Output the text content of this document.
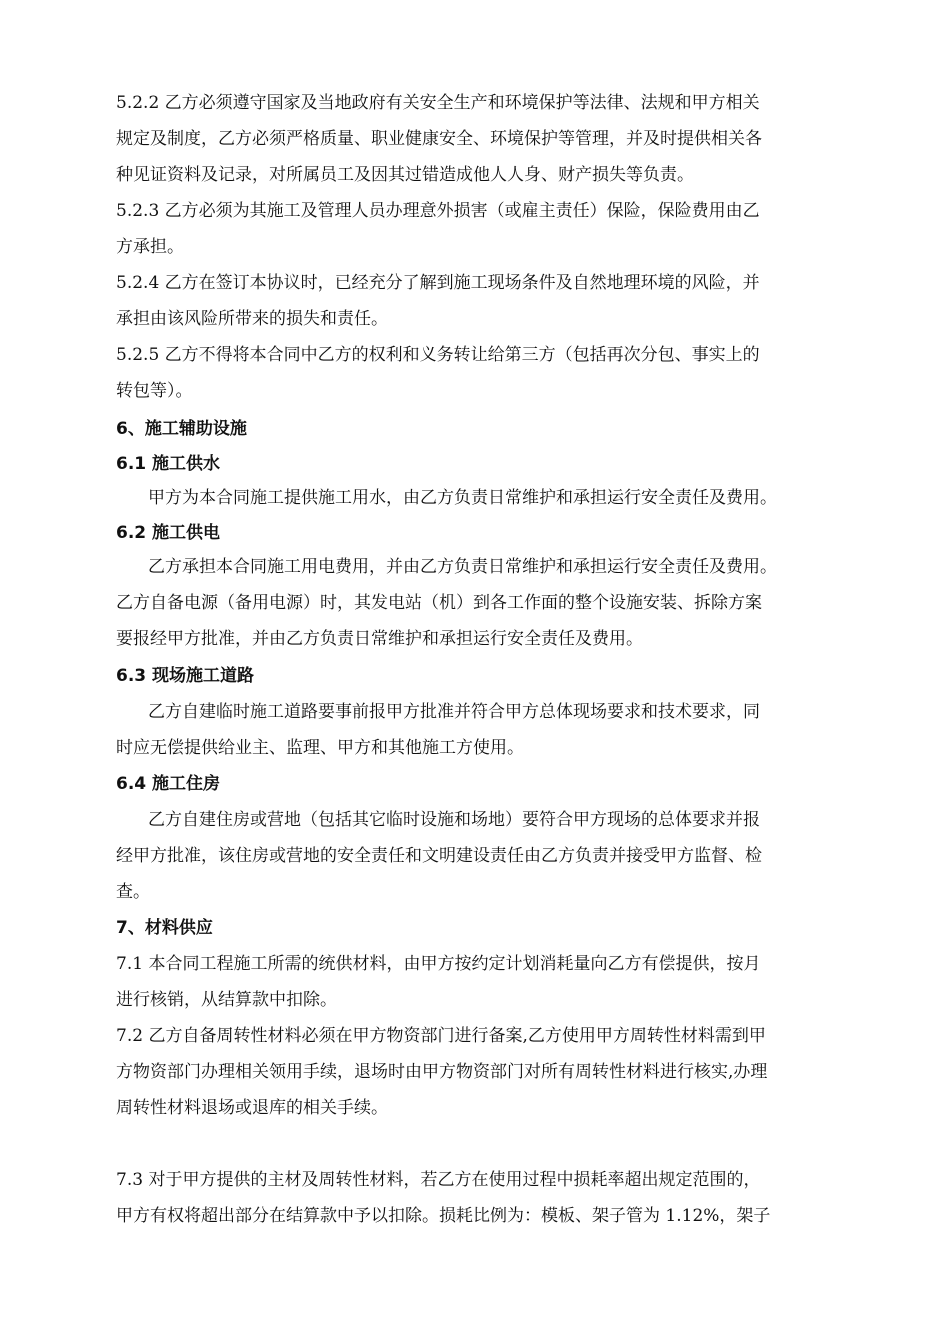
5.2.2 乙方必须遵守国家及当地政府有关安全生产和环境保护等法律、法规和甲方相关
规定及制度，乙方必须严格质量、职业健康安全、环境保护等管理，并及时提供相关各
种见证资料及记录，对所属员工及因其过错造成他人人身、财产损失等负责。
5.2.3 乙方必须为其施工及管理人员办理意外损害（或雇主责任）保险，保险费用由乙
方承担。
5.2.4 乙方在签订本协议时，已经充分了解到施工现场条件及自然地理环境的风险，并
承担由该风险所带来的损失和责任。
5.2.5 乙方不得将本合同中乙方的权利和义务转让给第三方（包括再次分包、事实上的
转包等）。
6、施工辅助设施
6.1 施工供水
甲方为本合同施工提供施工用水，由乙方负责日常维护和承担运行安全责任及费用。
6.2 施工供电
乙方承担本合同施工用电费用，并由乙方负责日常维护和承担运行安全责任及费用。
乙方自备电源（备用电源）时，其发电站（机）到各工作面的整个设施安装、拆除方案
要报经甲方批准，并由乙方负责日常维护和承担运行安全责任及费用。
6.3 现场施工道路
乙方自建临时施工道路要事前报甲方批准并符合甲方总体现场要求和技术要求，同
时应无偿提供给业主、监理、甲方和其他施工方使用。
6.4 施工住房
乙方自建住房或营地（包括其它临时设施和场地）要符合甲方现场的总体要求并报
经甲方批准，该住房或营地的安全责任和文明建设责任由乙方负责并接受甲方监督、检
查。
7、材料供应
7.1 本合同工程施工所需的统供材料，由甲方按约定计划消耗量向乙方有偿提供，按月
进行核销，从结算款中扣除。
7.2 乙方自备周转性材料必须在甲方物资部门进行备案,乙方使用甲方周转性材料需到甲
方物资部门办理相关领用手续，退场时由甲方物资部门对所有周转性材料进行核实,办理
周转性材料退场或退库的相关手续。
7.3 对于甲方提供的主材及周转性材料，若乙方在使用过程中损耗率超出规定范围的，
甲方有权将超出部分在结算款中予以扣除。损耗比例为：模板、架子管为 1.12%，架子
